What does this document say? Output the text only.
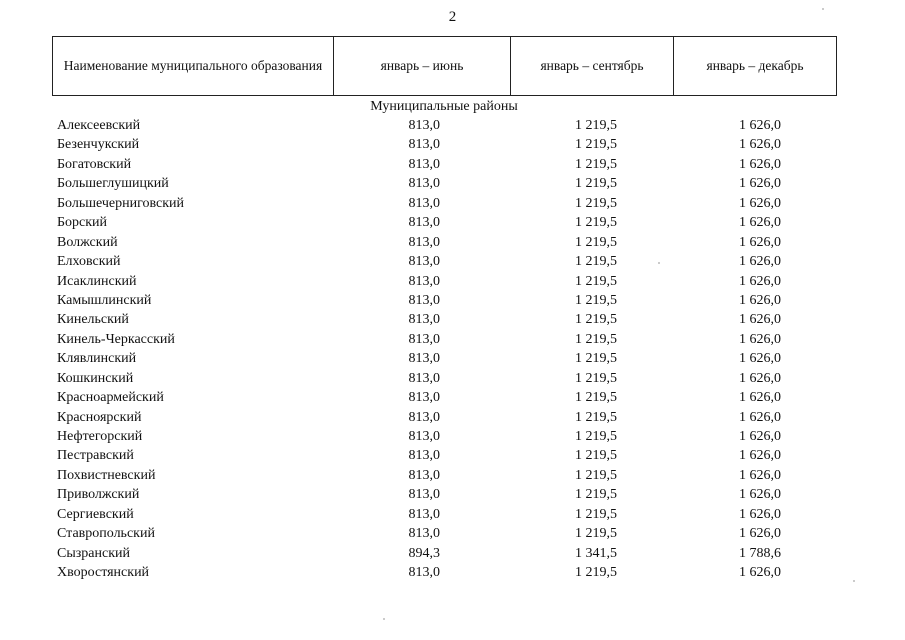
2
Наименование муниципального образования	январь – июнь	январь – сентябрь	январь – декабрь
Муниципальные районы
Алексеевский	813,0	1 219,5	1 626,0
Безенчукский	813,0	1 219,5	1 626,0
Богатовский	813,0	1 219,5	1 626,0
Большеглушицкий	813,0	1 219,5	1 626,0
Большечерниговский	813,0	1 219,5	1 626,0
Борский	813,0	1 219,5	1 626,0
Волжский	813,0	1 219,5	1 626,0
Елховский	813,0	1 219,5	1 626,0
Исаклинский	813,0	1 219,5	1 626,0
Камышлинский	813,0	1 219,5	1 626,0
Кинельский	813,0	1 219,5	1 626,0
Кинель-Черкасский	813,0	1 219,5	1 626,0
Клявлинский	813,0	1 219,5	1 626,0
Кошкинский	813,0	1 219,5	1 626,0
Красноармейский	813,0	1 219,5	1 626,0
Красноярский	813,0	1 219,5	1 626,0
Нефтегорский	813,0	1 219,5	1 626,0
Пестравский	813,0	1 219,5	1 626,0
Похвистневский	813,0	1 219,5	1 626,0
Приволжский	813,0	1 219,5	1 626,0
Сергиевский	813,0	1 219,5	1 626,0
Ставропольский	813,0	1 219,5	1 626,0
Сызранский	894,3	1 341,5	1 788,6
Хворостянский	813,0	1 219,5	1 626,0
